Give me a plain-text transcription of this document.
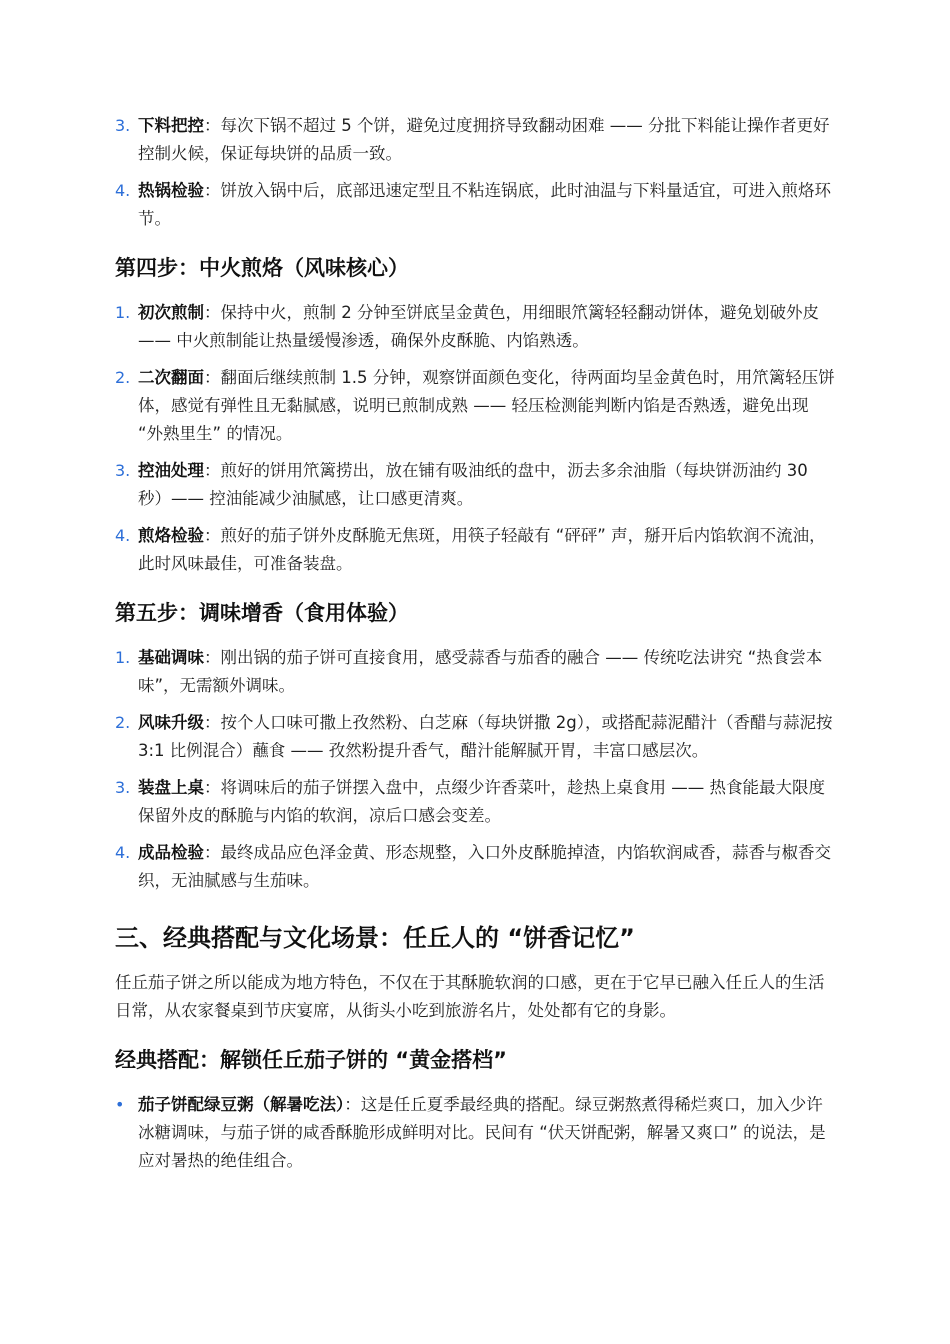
3. 下料把控：每次下锅不超过 5 个饼，避免过度拥挤导致翻动困难 —— 分批下料能让操作者更好控制火候，保证每块饼的品质一致。
4. 热锅检验：饼放入锅中后，底部迅速定型且不粘连锅底，此时油温与下料量适宜，可进入煎烙环节。
第四步：中火煎烙（风味核心）
1. 初次煎制：保持中火，煎制 2 分钟至饼底呈金黄色，用细眼笊篱轻轻翻动饼体，避免划破外皮 —— 中火煎制能让热量缓慢渗透，确保外皮酥脆、内馅熟透。
2. 二次翻面：翻面后继续煎制 1.5 分钟，观察饼面颜色变化，待两面均呈金黄色时，用笊篱轻压饼体，感觉有弹性且无黏腻感，说明已煎制成熟 —— 轻压检测能判断内馅是否熟透，避免出现 “外熟里生” 的情况。
3. 控油处理：煎好的饼用笊篱捞出，放在铺有吸油纸的盘中，沥去多余油脂（每块饼沥油约 30 秒）—— 控油能减少油腻感，让口感更清爽。
4. 煎烙检验：煎好的茄子饼外皮酥脆无焦斑，用筷子轻敲有 “砰砰” 声，掰开后内馅软润不流油，此时风味最佳，可准备装盘。
第五步：调味增香（食用体验）
1. 基础调味：刚出锅的茄子饼可直接食用，感受蒜香与茄香的融合 —— 传统吃法讲究 “热食尝本味”，无需额外调味。
2. 风味升级：按个人口味可撒上孜然粉、白芝麻（每块饼撒 2g），或搭配蒜泥醋汁（香醋与蒜泥按 3:1 比例混合）蘸食 —— 孜然粉提升香气，醋汁能解腻开胃，丰富口感层次。
3. 装盘上桌：将调味后的茄子饼摆入盘中，点缀少许香菜叶，趁热上桌食用 —— 热食能最大限度保留外皮的酥脆与内馅的软润，凉后口感会变差。
4. 成品检验：最终成品应色泽金黄、形态规整，入口外皮酥脆掉渣，内馅软润咸香，蒜香与椒香交织，无油腻感与生茄味。
三、经典搭配与文化场景：任丘人的 “饼香记忆”

任丘茄子饼之所以能成为地方特色，不仅在于其酥脆软润的口感，更在于它早已融入任丘人的生活日常，从农家餐桌到节庆宴席，从街头小吃到旅游名片，处处都有它的身影。

经典搭配：解锁任丘茄子饼的 “黄金搭档”
• 茄子饼配绿豆粥（解暑吃法）：这是任丘夏季最经典的搭配。绿豆粥熬煮得稀烂爽口，加入少许冰糖调味，与茄子饼的咸香酥脆形成鲜明对比。民间有 “伏天饼配粥，解暑又爽口” 的说法，是应对暑热的绝佳组合。
